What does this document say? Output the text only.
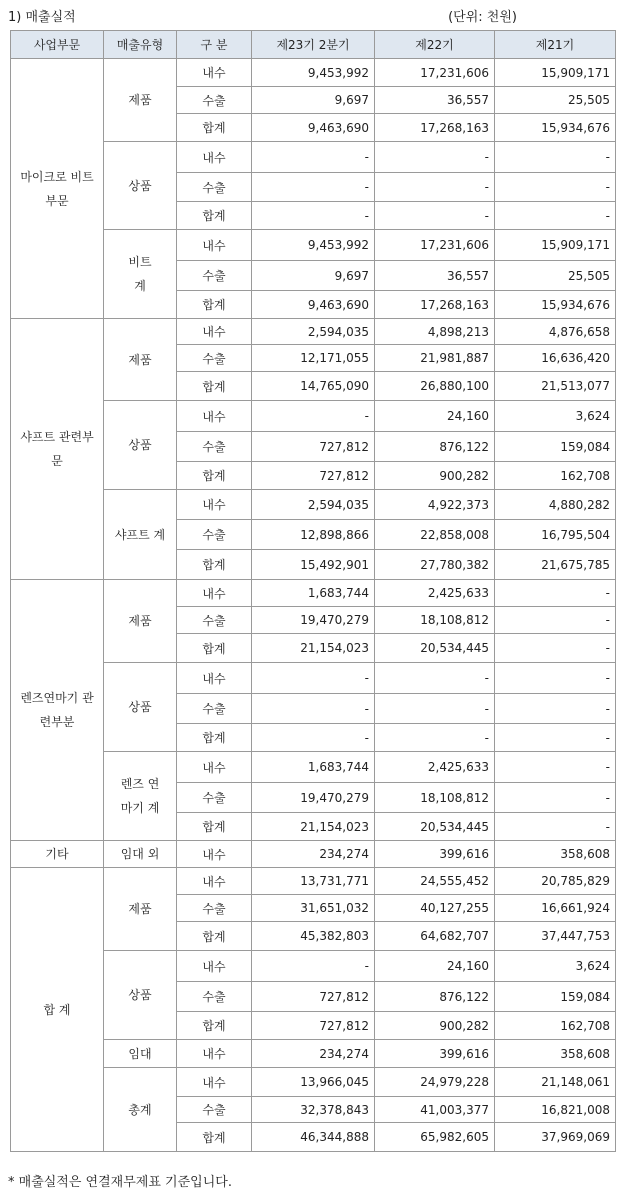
1) 매출실적	(단위: 천원)
사업부문	매출유형	구 분	제23기 2분기	제22기	제21기
마이크로 비트부문	제품	내수	9,453,992	17,231,606	15,909,171
		수출	9,697	36,557	25,505
		합계	9,463,690	17,268,163	15,934,676
	상품	내수	-	-	-
		수출	-	-	-
		합계	-	-	-
	비트 계	내수	9,453,992	17,231,606	15,909,171
		수출	9,697	36,557	25,505
		합계	9,463,690	17,268,163	15,934,676
샤프트 관련부문	제품	내수	2,594,035	4,898,213	4,876,658
		수출	12,171,055	21,981,887	16,636,420
		합계	14,765,090	26,880,100	21,513,077
	상품	내수	-	24,160	3,624
		수출	727,812	876,122	159,084
		합계	727,812	900,282	162,708
	샤프트 계	내수	2,594,035	4,922,373	4,880,282
		수출	12,898,866	22,858,008	16,795,504
		합계	15,492,901	27,780,382	21,675,785
렌즈연마기 관련부분	제품	내수	1,683,744	2,425,633	-
		수출	19,470,279	18,108,812	-
		합계	21,154,023	20,534,445	-
	상품	내수	-	-	-
		수출	-	-	-
		합계	-	-	-
	렌즈 연마기 계	내수	1,683,744	2,425,633	-
		수출	19,470,279	18,108,812	-
		합계	21,154,023	20,534,445	-
기타	임대 외	내수	234,274	399,616	358,608
합 계	제품	내수	13,731,771	24,555,452	20,785,829
		수출	31,651,032	40,127,255	16,661,924
		합계	45,382,803	64,682,707	37,447,753
	상품	내수	-	24,160	3,624
		수출	727,812	876,122	159,084
		합계	727,812	900,282	162,708
	임대	내수	234,274	399,616	358,608
	총계	내수	13,966,045	24,979,228	21,148,061
		수출	32,378,843	41,003,377	16,821,008
		합계	46,344,888	65,982,605	37,969,069
* 매출실적은 연결재무제표 기준입니다.
